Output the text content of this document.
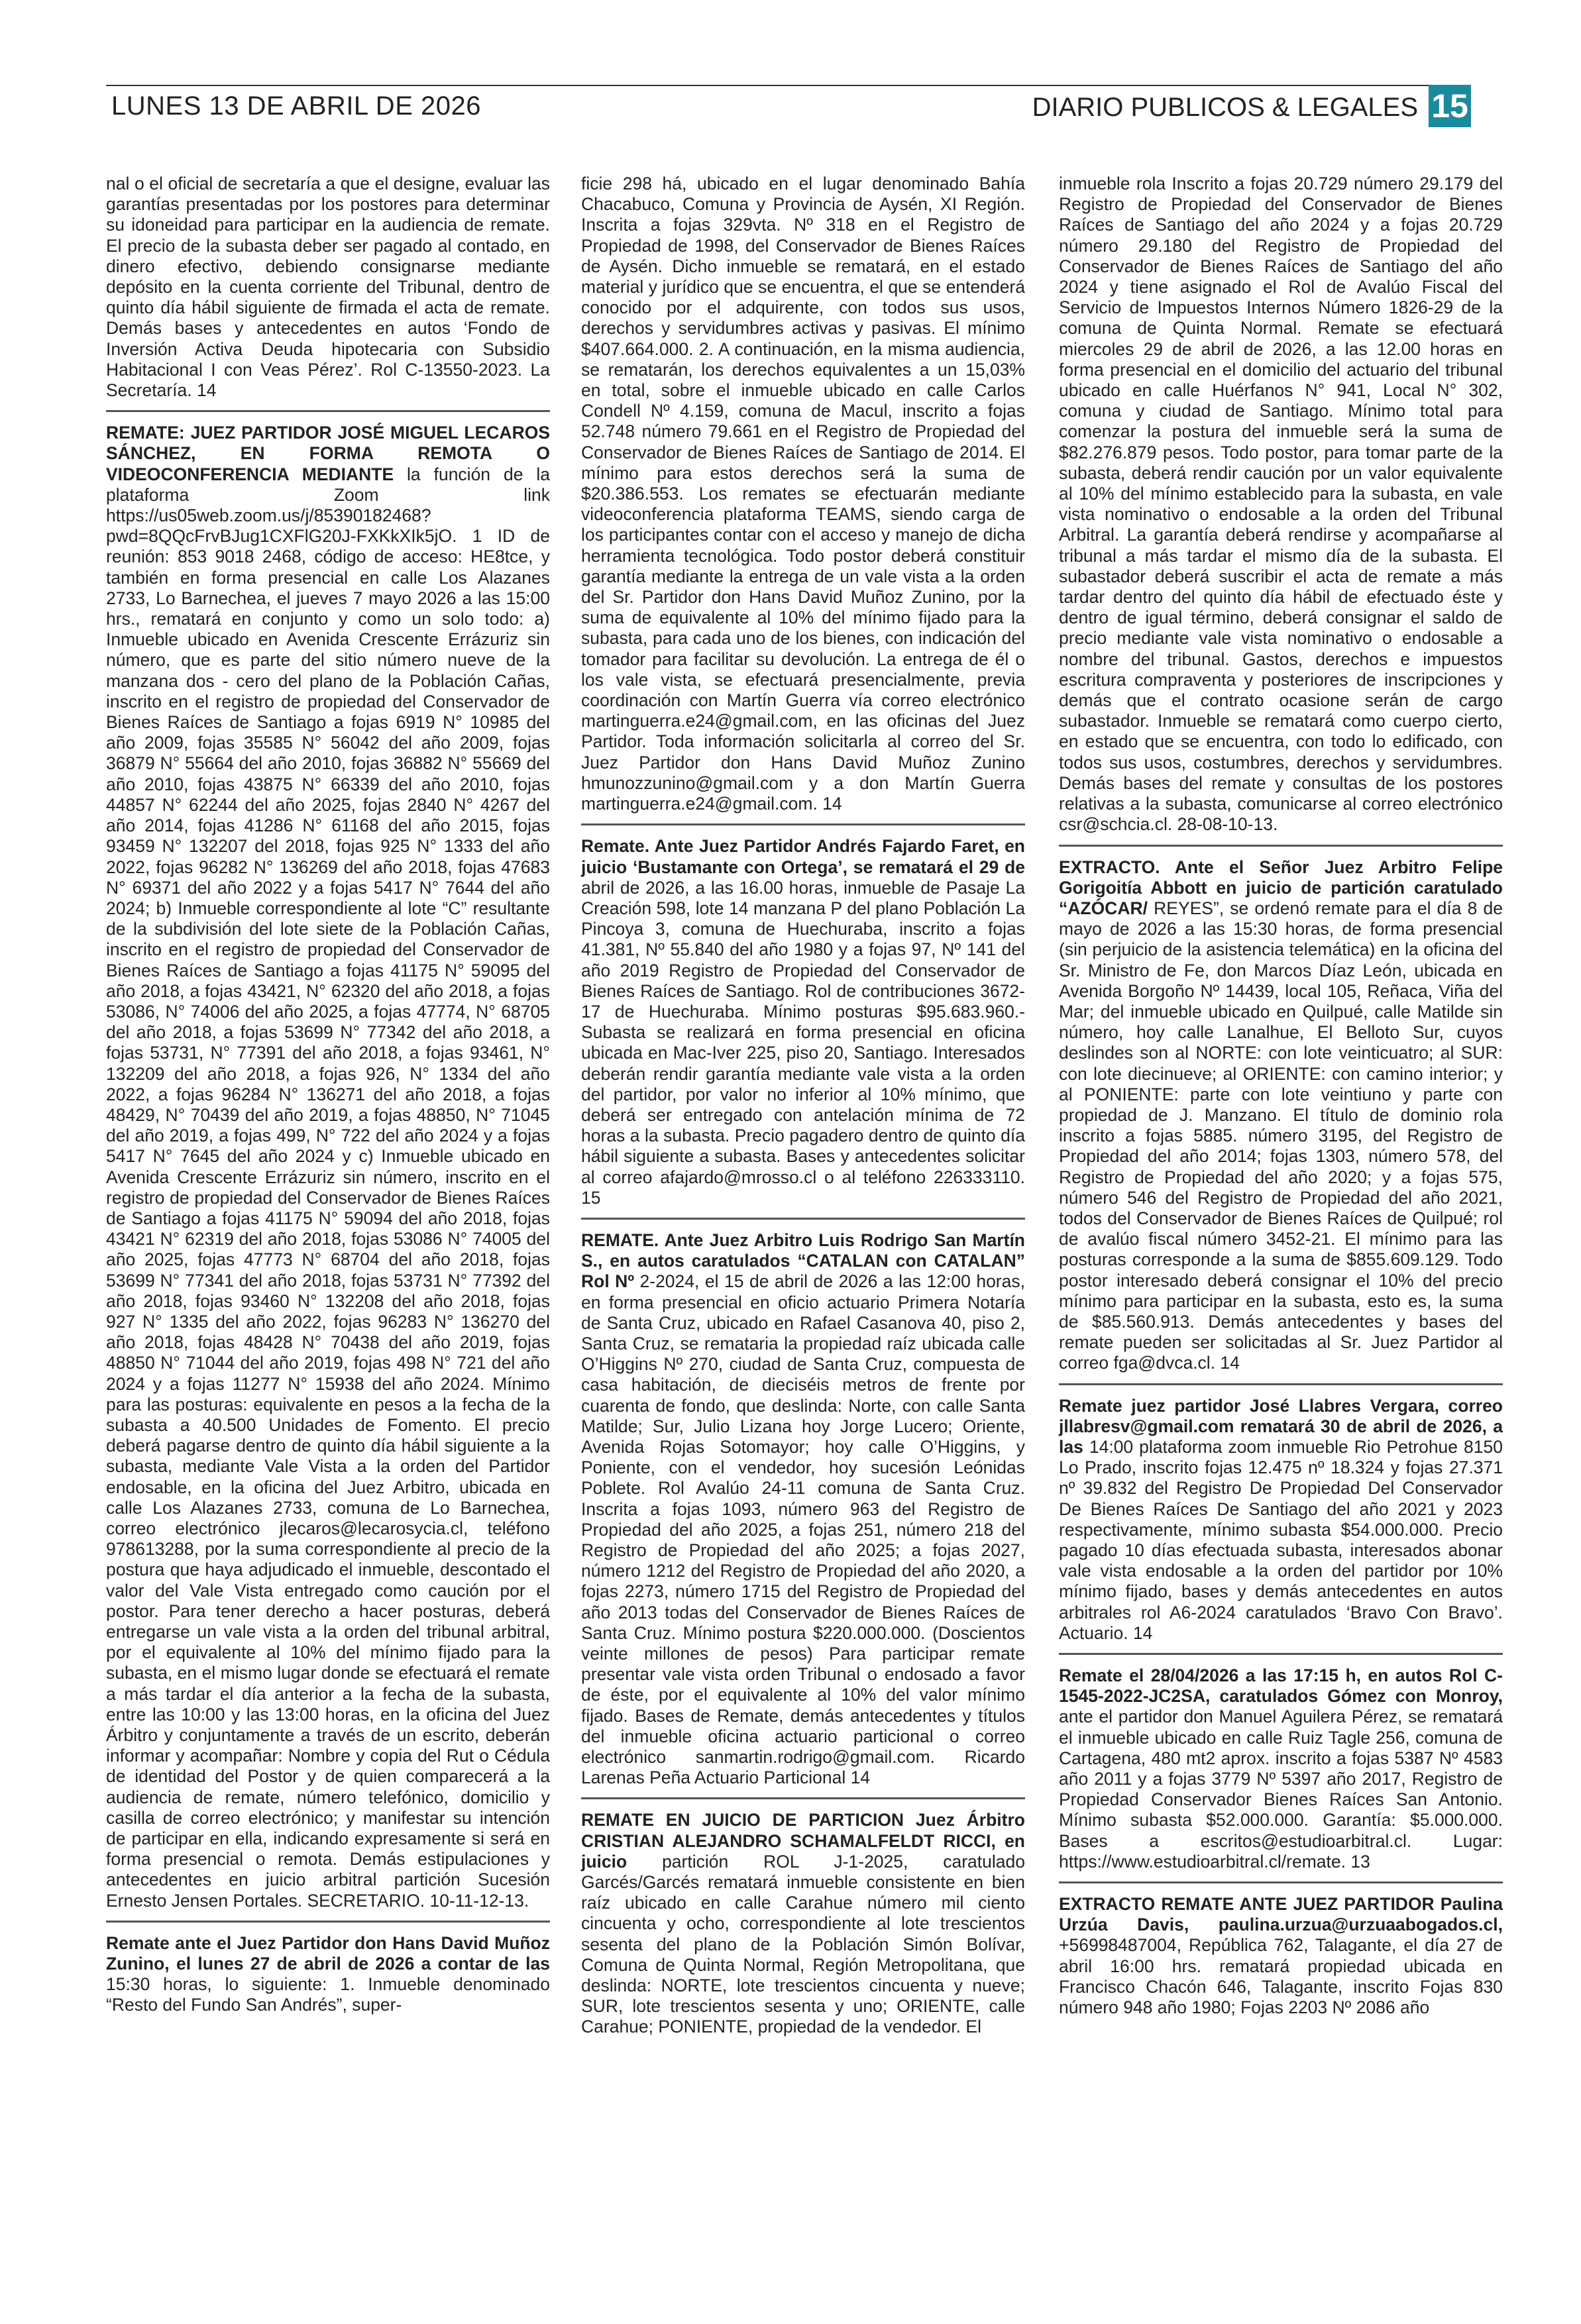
LUNES 13 DE ABRIL DE 2026	DIARIO PUBLICOS & LEGALES 15

nal o el oficial de secretaría a que el designe, evaluar las garantías presentadas por los postores para determinar su idoneidad para participar en la audiencia de remate. El precio de la subasta deber ser pagado al contado, en dinero efectivo, debiendo consignarse mediante depósito en la cuenta corriente del Tribunal, dentro de quinto día hábil siguiente de firmada el acta de remate. Demás bases y antecedentes en autos ‘Fondo de Inversión Activa Deuda hipotecaria con Subsidio Habitacional I con Veas Pérez’. Rol C-13550-2023. La Secretaría. 14

REMATE: JUEZ PARTIDOR JOSÉ MIGUEL LECAROS SÁNCHEZ, EN FORMA REMOTA O VIDEOCONFERENCIA MEDIANTE la función de la plataforma Zoom link https://us05web.zoom.us/j/85390182468?pwd=8QQcFrvBJug1CXFlG20J-FXKkXIk5jO. 1 ID de reunión: 853 9018 2468, código de acceso: HE8tce, y también en forma presencial en calle Los Alazanes 2733, Lo Barnechea, el jueves 7 mayo 2026 a las 15:00 hrs., rematará en conjunto y como un solo todo: a) Inmueble ubicado en Avenida Crescente Errázuriz sin número, que es parte del sitio número nueve de la manzana dos - cero del plano de la Población Cañas, inscrito en el registro de propiedad del Conservador de Bienes Raíces de Santiago a fojas 6919 N° 10985 del año 2009, fojas 35585 N° 56042 del año 2009, fojas 36879 N° 55664 del año 2010, fojas 36882 N° 55669 del año 2010, fojas 43875 N° 66339 del año 2010, fojas 44857 N° 62244 del año 2025, fojas 2840 N° 4267 del año 2014, fojas 41286 N° 61168 del año 2015, fojas 93459 N° 132207 del 2018, fojas 925 N° 1333 del año 2022, fojas 96282 N° 136269 del año 2018, fojas 47683 N° 69371 del año 2022 y a fojas 5417 N° 7644 del año 2024; b) Inmueble correspondiente al lote “C” resultante de la subdivisión del lote siete de la Población Cañas, inscrito en el registro de propiedad del Conservador de Bienes Raíces de Santiago a fojas 41175 N° 59095 del año 2018, a fojas 43421, N° 62320 del año 2018, a fojas 53086, N° 74006 del año 2025, a fojas 47774, N° 68705 del año 2018, a fojas 53699 N° 77342 del año 2018, a fojas 53731, N° 77391 del año 2018, a fojas 93461, N° 132209 del año 2018, a fojas 926, N° 1334 del año 2022, a fojas 96284 N° 136271 del año 2018, a fojas 48429, N° 70439 del año 2019, a fojas 48850, N° 71045 del año 2019, a fojas 499, N° 722 del año 2024 y a fojas 5417 N° 7645 del año 2024 y c) Inmueble ubicado en Avenida Crescente Errázuriz sin número, inscrito en el registro de propiedad del Conservador de Bienes Raíces de Santiago a fojas 41175 N° 59094 del año 2018, fojas 43421 N° 62319 del año 2018, fojas 53086 N° 74005 del año 2025, fojas 47773 N° 68704 del año 2018, fojas 53699 N° 77341 del año 2018, fojas 53731 N° 77392 del año 2018, fojas 93460 N° 132208 del año 2018, fojas 927 N° 1335 del año 2022, fojas 96283 N° 136270 del año 2018, fojas 48428 N° 70438 del año 2019, fojas 48850 N° 71044 del año 2019, fojas 498 N° 721 del año 2024 y a fojas 11277 N° 15938 del año 2024. Mínimo para las posturas: equivalente en pesos a la fecha de la subasta a 40.500 Unidades de Fomento. El precio deberá pagarse dentro de quinto día hábil siguiente a la subasta, mediante Vale Vista a la orden del Partidor endosable, en la oficina del Juez Arbitro, ubicada en calle Los Alazanes 2733, comuna de Lo Barnechea, correo electrónico jlecaros@lecarosycia.cl, teléfono 978613288, por la suma correspondiente al precio de la postura que haya adjudicado el inmueble, descontado el valor del Vale Vista entregado como caución por el postor. Para tener derecho a hacer posturas, deberá entregarse un vale vista a la orden del tribunal arbitral, por el equivalente al 10% del mínimo fijado para la subasta, en el mismo lugar donde se efectuará el remate a más tardar el día anterior a la fecha de la subasta, entre las 10:00 y las 13:00 horas, en la oficina del Juez Árbitro y conjuntamente a través de un escrito, deberán informar y acompañar: Nombre y copia del Rut o Cédula de identidad del Postor y de quien comparecerá a la audiencia de remate, número telefónico, domicilio y casilla de correo electrónico; y manifestar su intención de participar en ella, indicando expresamente si será en forma presencial o remota. Demás estipulaciones y antecedentes en juicio arbitral partición Sucesión Ernesto Jensen Portales. SECRETARIO. 10-11-12-13.

Remate ante el Juez Partidor don Hans David Muñoz Zunino, el lunes 27 de abril de 2026 a contar de las 15:30 horas, lo siguiente: 1. Inmueble denominado “Resto del Fundo San Andrés”, super-

ficie 298 há, ubicado en el lugar denominado Bahía Chacabuco, Comuna y Provincia de Aysén, XI Región. Inscrita a fojas 329vta. Nº 318 en el Registro de Propiedad de 1998, del Conservador de Bienes Raíces de Aysén. Dicho inmueble se rematará, en el estado material y jurídico que se encuentra, el que se entenderá conocido por el adquirente, con todos sus usos, derechos y servidumbres activas y pasivas. El mínimo $407.664.000. 2. A continuación, en la misma audiencia, se rematarán, los derechos equivalentes a un 15,03% en total, sobre el inmueble ubicado en calle Carlos Condell Nº 4.159, comuna de Macul, inscrito a fojas 52.748 número 79.661 en el Registro de Propiedad del Conservador de Bienes Raíces de Santiago de 2014. El mínimo para estos derechos será la suma de $20.386.553. Los remates se efectuarán mediante videoconferencia plataforma TEAMS, siendo carga de los participantes contar con el acceso y manejo de dicha herramienta tecnológica. Todo postor deberá constituir garantía mediante la entrega de un vale vista a la orden del Sr. Partidor don Hans David Muñoz Zunino, por la suma de equivalente al 10% del mínimo fijado para la subasta, para cada uno de los bienes, con indicación del tomador para facilitar su devolución. La entrega de él o los vale vista, se efectuará presencialmente, previa coordinación con Martín Guerra vía correo electrónico martinguerra.e24@gmail.com, en las oficinas del Juez Partidor. Toda información solicitarla al correo del Sr. Juez Partidor don Hans David Muñoz Zunino hmunozzunino@gmail.com y a don Martín Guerra martinguerra.e24@gmail.com. 14

Remate. Ante Juez Partidor Andrés Fajardo Faret, en juicio ‘Bustamante con Ortega’, se rematará el 29 de abril de 2026, a las 16.00 horas, inmueble de Pasaje La Creación 598, lote 14 manzana P del plano Población La Pincoya 3, comuna de Huechuraba, inscrito a fojas 41.381, Nº 55.840 del año 1980 y a fojas 97, Nº 141 del año 2019 Registro de Propiedad del Conservador de Bienes Raíces de Santiago. Rol de contribuciones 3672-17 de Huechuraba. Mínimo posturas $95.683.960.- Subasta se realizará en forma presencial en oficina ubicada en Mac-Iver 225, piso 20, Santiago. Interesados deberán rendir garantía mediante vale vista a la orden del partidor, por valor no inferior al 10% mínimo, que deberá ser entregado con antelación mínima de 72 horas a la subasta. Precio pagadero dentro de quinto día hábil siguiente a subasta. Bases y antecedentes solicitar al correo afajardo@mrosso.cl o al teléfono 226333110. 15

REMATE. Ante Juez Arbitro Luis Rodrigo San Martín S., en autos caratulados “CATALAN con CATALAN” Rol Nº 2-2024, el 15 de abril de 2026 a las 12:00 horas, en forma presencial en oficio actuario Primera Notaría de Santa Cruz, ubicado en Rafael Casanova 40, piso 2, Santa Cruz, se remataria la propiedad raíz ubicada calle O’Higgins Nº 270, ciudad de Santa Cruz, compuesta de casa habitación, de dieciséis metros de frente por cuarenta de fondo, que deslinda: Norte, con calle Santa Matilde; Sur, Julio Lizana hoy Jorge Lucero; Oriente, Avenida Rojas Sotomayor; hoy calle O’Higgins, y Poniente, con el vendedor, hoy sucesión Leónidas Poblete. Rol Avalúo 24-11 comuna de Santa Cruz. Inscrita a fojas 1093, número 963 del Registro de Propiedad del año 2025, a fojas 251, número 218 del Registro de Propiedad del año 2025; a fojas 2027, número 1212 del Registro de Propiedad del año 2020, a fojas 2273, número 1715 del Registro de Propiedad del año 2013 todas del Conservador de Bienes Raíces de Santa Cruz. Mínimo postura $220.000.000. (Doscientos veinte millones de pesos) Para participar remate presentar vale vista orden Tribunal o endosado a favor de éste, por el equivalente al 10% del valor mínimo fijado. Bases de Remate, demás antecedentes y títulos del inmueble oficina actuario particional o correo electrónico sanmartin.rodrigo@gmail.com. Ricardo Larenas Peña Actuario Particional 14

REMATE EN JUICIO DE PARTICION Juez Árbitro CRISTIAN ALEJANDRO SCHAMALFELDT RICCI, en juicio partición ROL J-1-2025, caratulado Garcés/Garcés rematará inmueble consistente en bien raíz ubicado en calle Carahue número mil ciento cincuenta y ocho, correspondiente al lote trescientos sesenta del plano de la Población Simón Bolívar, Comuna de Quinta Normal, Región Metropolitana, que deslinda: NORTE, lote trescientos cincuenta y nueve; SUR, lote trescientos sesenta y uno; ORIENTE, calle Carahue; PONIENTE, propiedad de la vendedor. El

inmueble rola Inscrito a fojas 20.729 número 29.179 del Registro de Propiedad del Conservador de Bienes Raíces de Santiago del año 2024 y a fojas 20.729 número 29.180 del Registro de Propiedad del Conservador de Bienes Raíces de Santiago del año 2024 y tiene asignado el Rol de Avalúo Fiscal del Servicio de Impuestos Internos Número 1826-29 de la comuna de Quinta Normal. Remate se efectuará miercoles 29 de abril de 2026, a las 12.00 horas en forma presencial en el domicilio del actuario del tribunal ubicado en calle Huérfanos N° 941, Local N° 302, comuna y ciudad de Santiago. Mínimo total para comenzar la postura del inmueble será la suma de $82.276.879 pesos. Todo postor, para tomar parte de la subasta, deberá rendir caución por un valor equivalente al 10% del mínimo establecido para la subasta, en vale vista nominativo o endosable a la orden del Tribunal Arbitral. La garantía deberá rendirse y acompañarse al tribunal a más tardar el mismo día de la subasta. El subastador deberá suscribir el acta de remate a más tardar dentro del quinto día hábil de efectuado éste y dentro de igual término, deberá consignar el saldo de precio mediante vale vista nominativo o endosable a nombre del tribunal. Gastos, derechos e impuestos escritura compraventa y posteriores de inscripciones y demás que el contrato ocasione serán de cargo subastador. Inmueble se rematará como cuerpo cierto, en estado que se encuentra, con todo lo edificado, con todos sus usos, costumbres, derechos y servidumbres. Demás bases del remate y consultas de los postores relativas a la subasta, comunicarse al correo electrónico csr@schcia.cl. 28-08-10-13.

EXTRACTO. Ante el Señor Juez Arbitro Felipe Gorigoitía Abbott en juicio de partición caratulado “AZÓCAR/ REYES”, se ordenó remate para el día 8 de mayo de 2026 a las 15:30 horas, de forma presencial (sin perjuicio de la asistencia telemática) en la oficina del Sr. Ministro de Fe, don Marcos Díaz León, ubicada en Avenida Borgoño Nº 14439, local 105, Reñaca, Viña del Mar; del inmueble ubicado en Quilpué, calle Matilde sin número, hoy calle Lanalhue, El Belloto Sur, cuyos deslindes son al NORTE: con lote veinticuatro; al SUR: con lote diecinueve; al ORIENTE: con camino interior; y al PONIENTE: parte con lote veintiuno y parte con propiedad de J. Manzano. El título de dominio rola inscrito a fojas 5885. número 3195, del Registro de Propiedad del año 2014; fojas 1303, número 578, del Registro de Propiedad del año 2020; y a fojas 575, número 546 del Registro de Propiedad del año 2021, todos del Conservador de Bienes Raíces de Quilpué; rol de avalúo fiscal número 3452-21. El mínimo para las posturas corresponde a la suma de $855.609.129. Todo postor interesado deberá consignar el 10% del precio mínimo para participar en la subasta, esto es, la suma de $85.560.913. Demás antecedentes y bases del remate pueden ser solicitadas al Sr. Juez Partidor al correo fga@dvca.cl. 14

Remate juez partidor José Llabres Vergara, correo jllabresv@gmail.com rematará 30 de abril de 2026, a las 14:00 plataforma zoom inmueble Rio Petrohue 8150 Lo Prado, inscrito fojas 12.475 nº 18.324 y fojas 27.371 nº 39.832 del Registro De Propiedad Del Conservador De Bienes Raíces De Santiago del año 2021 y 2023 respectivamente, mínimo subasta $54.000.000. Precio pagado 10 días efectuada subasta, interesados abonar vale vista endosable a la orden del partidor por 10% mínimo fijado, bases y demás antecedentes en autos arbitrales rol A6-2024 caratulados ‘Bravo Con Bravo’. Actuario. 14

Remate el 28/04/2026 a las 17:15 h, en autos Rol C-1545-2022-JC2SA, caratulados Gómez con Monroy, ante el partidor don Manuel Aguilera Pérez, se rematará el inmueble ubicado en calle Ruiz Tagle 256, comuna de Cartagena, 480 mt2 aprox. inscrito a fojas 5387 Nº 4583 año 2011 y a fojas 3779 Nº 5397 año 2017, Registro de Propiedad Conservador Bienes Raíces San Antonio. Mínimo subasta $52.000.000. Garantía: $5.000.000. Bases a escritos@estudioarbitral.cl. Lugar: https://www.estudioarbitral.cl/remate. 13

EXTRACTO REMATE ANTE JUEZ PARTIDOR Paulina Urzúa Davis, paulina.urzua@urzuaabogados.cl, +56998487004, República 762, Talagante, el día 27 de abril 16:00 hrs. rematará propiedad ubicada en Francisco Chacón 646, Talagante, inscrito Fojas 830 número 948 año 1980; Fojas 2203 Nº 2086 año
